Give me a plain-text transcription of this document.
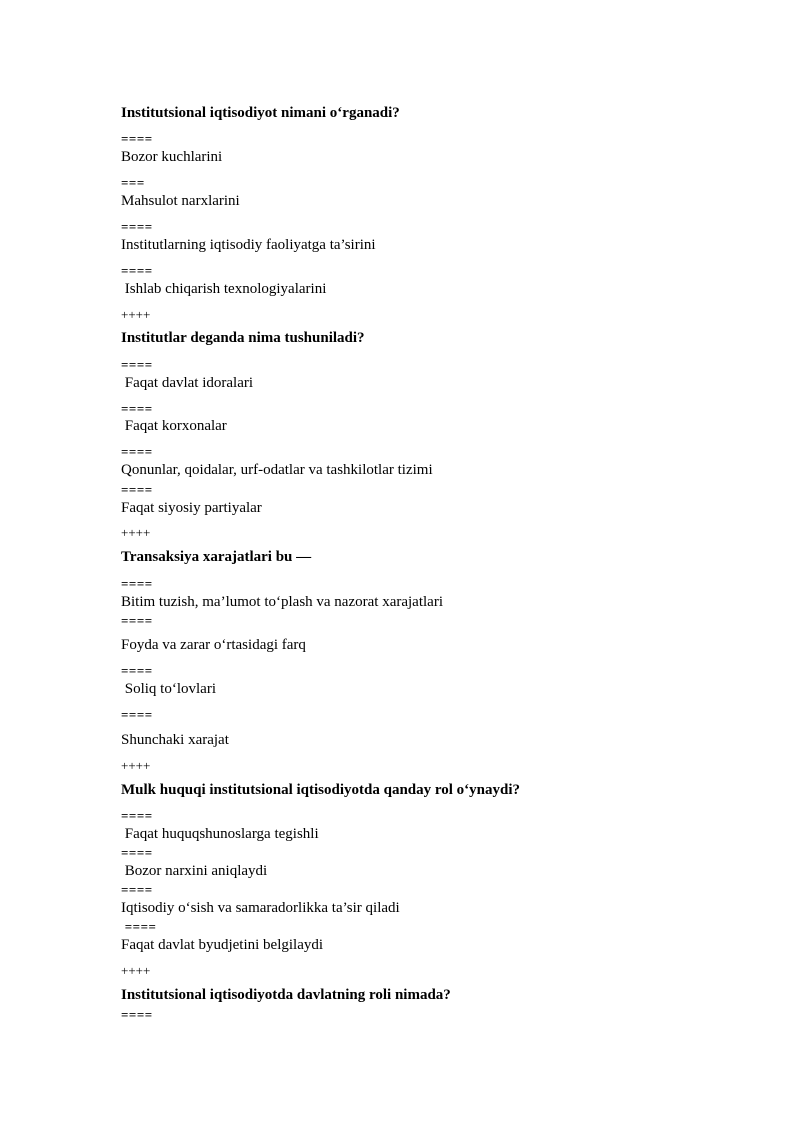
Institutsional iqtisodiyot nimani o‘rganadi?
====
Bozor kuchlarini
===
Mahsulot narxlarini
====
Institutlarning iqtisodiy faoliyatga ta’sirini
====
Ishlab chiqarish texnologiyalarini
++++
Institutlar deganda nima tushuniladi?
====
Faqat davlat idoralari
====
Faqat korxonalar
====
Qonunlar, qoidalar, urf-odatlar va tashkilotlar tizimi
====
Faqat siyosiy partiyalar
++++
Transaksiya xarajatlari bu —
====
Bitim tuzish, ma’lumot to‘plash va nazorat xarajatlari
====
Foyda va zarar o‘rtasidagi farq
====
Soliq to‘lovlari
====
Shunchaki xarajat
++++
Mulk huquqi institutsional iqtisodiyotda qanday rol o‘ynaydi?
====
Faqat huquqshunoslarga tegishli
====
Bozor narxini aniqlaydi
====
Iqtisodiy o‘sish va samaradorlikka ta’sir qiladi
====
Faqat davlat byudjetini belgilaydi
++++
Institutsional iqtisodiyotda davlatning roli nimada?
====
